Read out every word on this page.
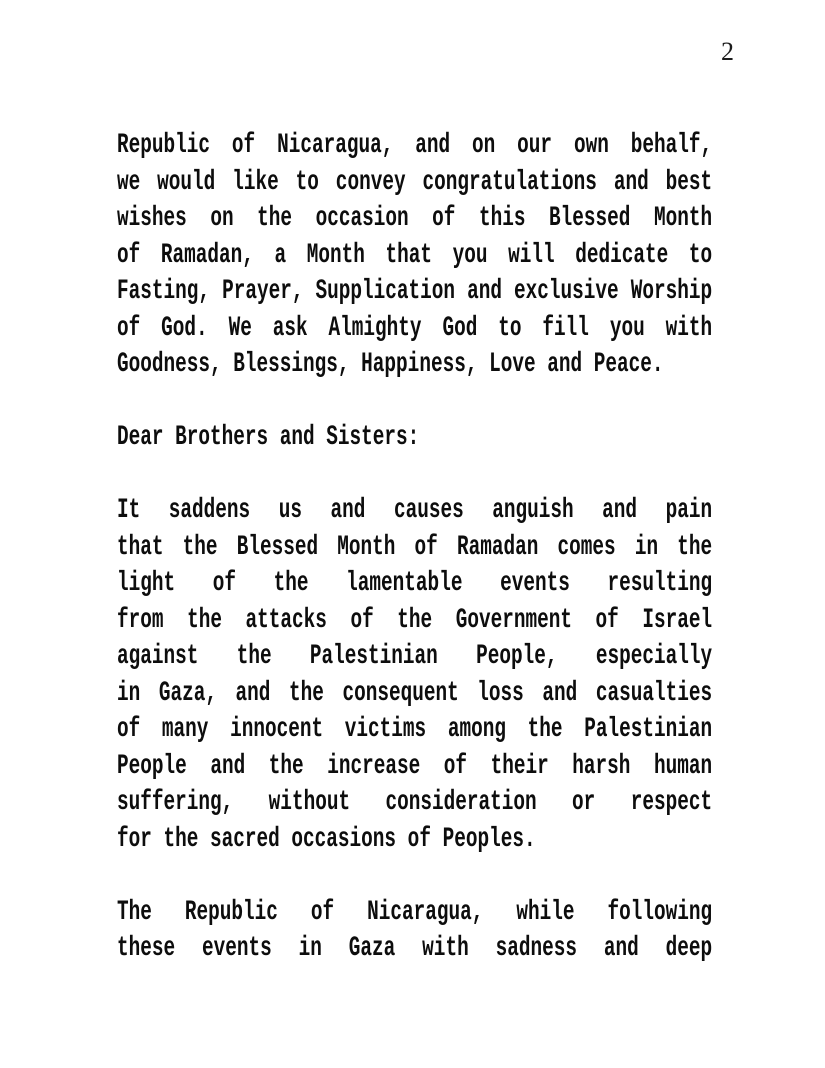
2
Republic of Nicaragua, and on our own behalf,
we would like to convey congratulations and best
wishes on the occasion of this Blessed Month
of Ramadan, a Month that you will dedicate to
Fasting, Prayer, Supplication and exclusive Worship
of God. We ask Almighty God to fill you with
Goodness, Blessings, Happiness, Love and Peace.
Dear Brothers and Sisters:
It saddens us and causes anguish and pain
that the Blessed Month of Ramadan comes in the
light of the lamentable events resulting
from the attacks of the Government of Israel
against the Palestinian People, especially
in Gaza, and the consequent loss and casualties
of many innocent victims among the Palestinian
People and the increase of their harsh human
suffering, without consideration or respect
for the sacred occasions of Peoples.
The Republic of Nicaragua, while following
these events in Gaza with sadness and deep
